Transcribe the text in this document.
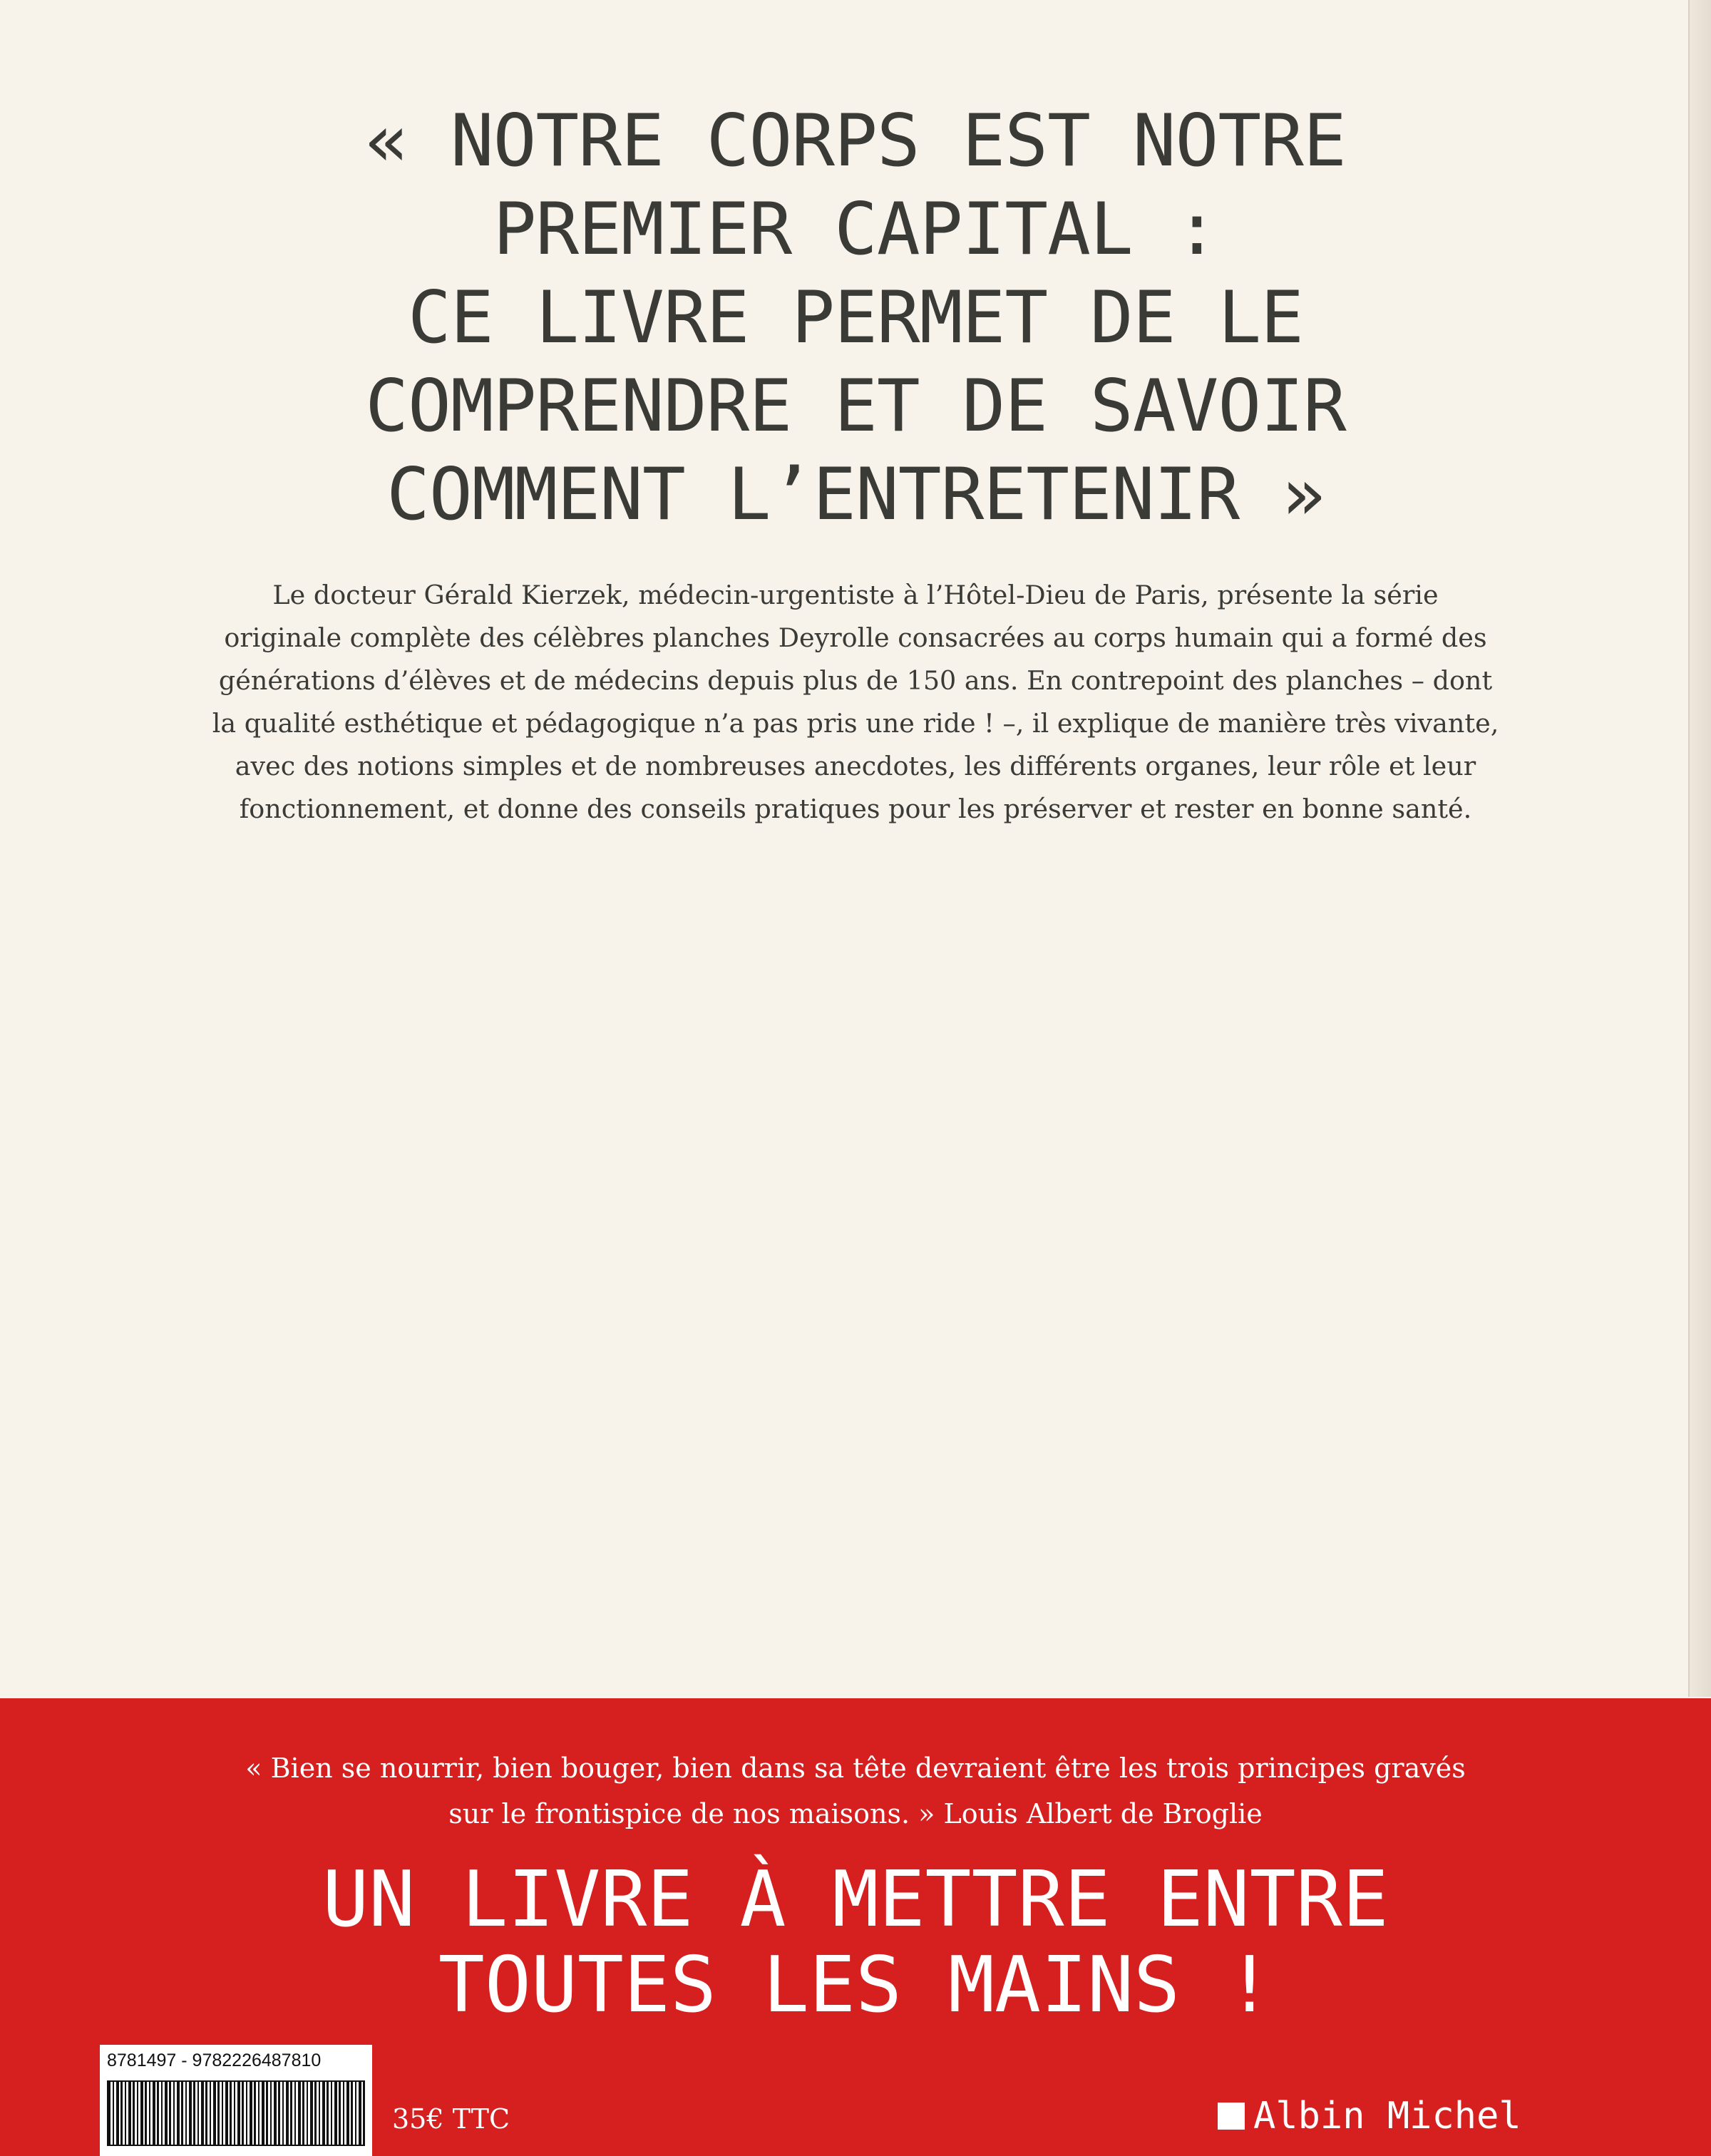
« NOTRE CORPS EST NOTRE
PREMIER CAPITAL :
CE LIVRE PERMET DE LE
COMPRENDRE ET DE SAVOIR
COMMENT L’ENTRETENIR »
Le docteur Gérald Kierzek, médecin-urgentiste à l’Hôtel-Dieu de Paris, présente la série
originale complète des célèbres planches Deyrolle consacrées au corps humain qui a formé des
générations d’élèves et de médecins depuis plus de 150 ans. En contrepoint des planches – dont
la qualité esthétique et pédagogique n’a pas pris une ride ! –, il explique de manière très vivante,
avec des notions simples et de nombreuses anecdotes, les différents organes, leur rôle et leur
fonctionnement, et donne des conseils pratiques pour les préserver et rester en bonne santé.
« Bien se nourrir, bien bouger, bien dans sa tête devraient être les trois principes gravés
sur le frontispice de nos maisons. » Louis Albert de Broglie
UN LIVRE À METTRE ENTRE
TOUTES LES MAINS !
8781497 - 9782226487810
35€ TTC	Albin Michel
